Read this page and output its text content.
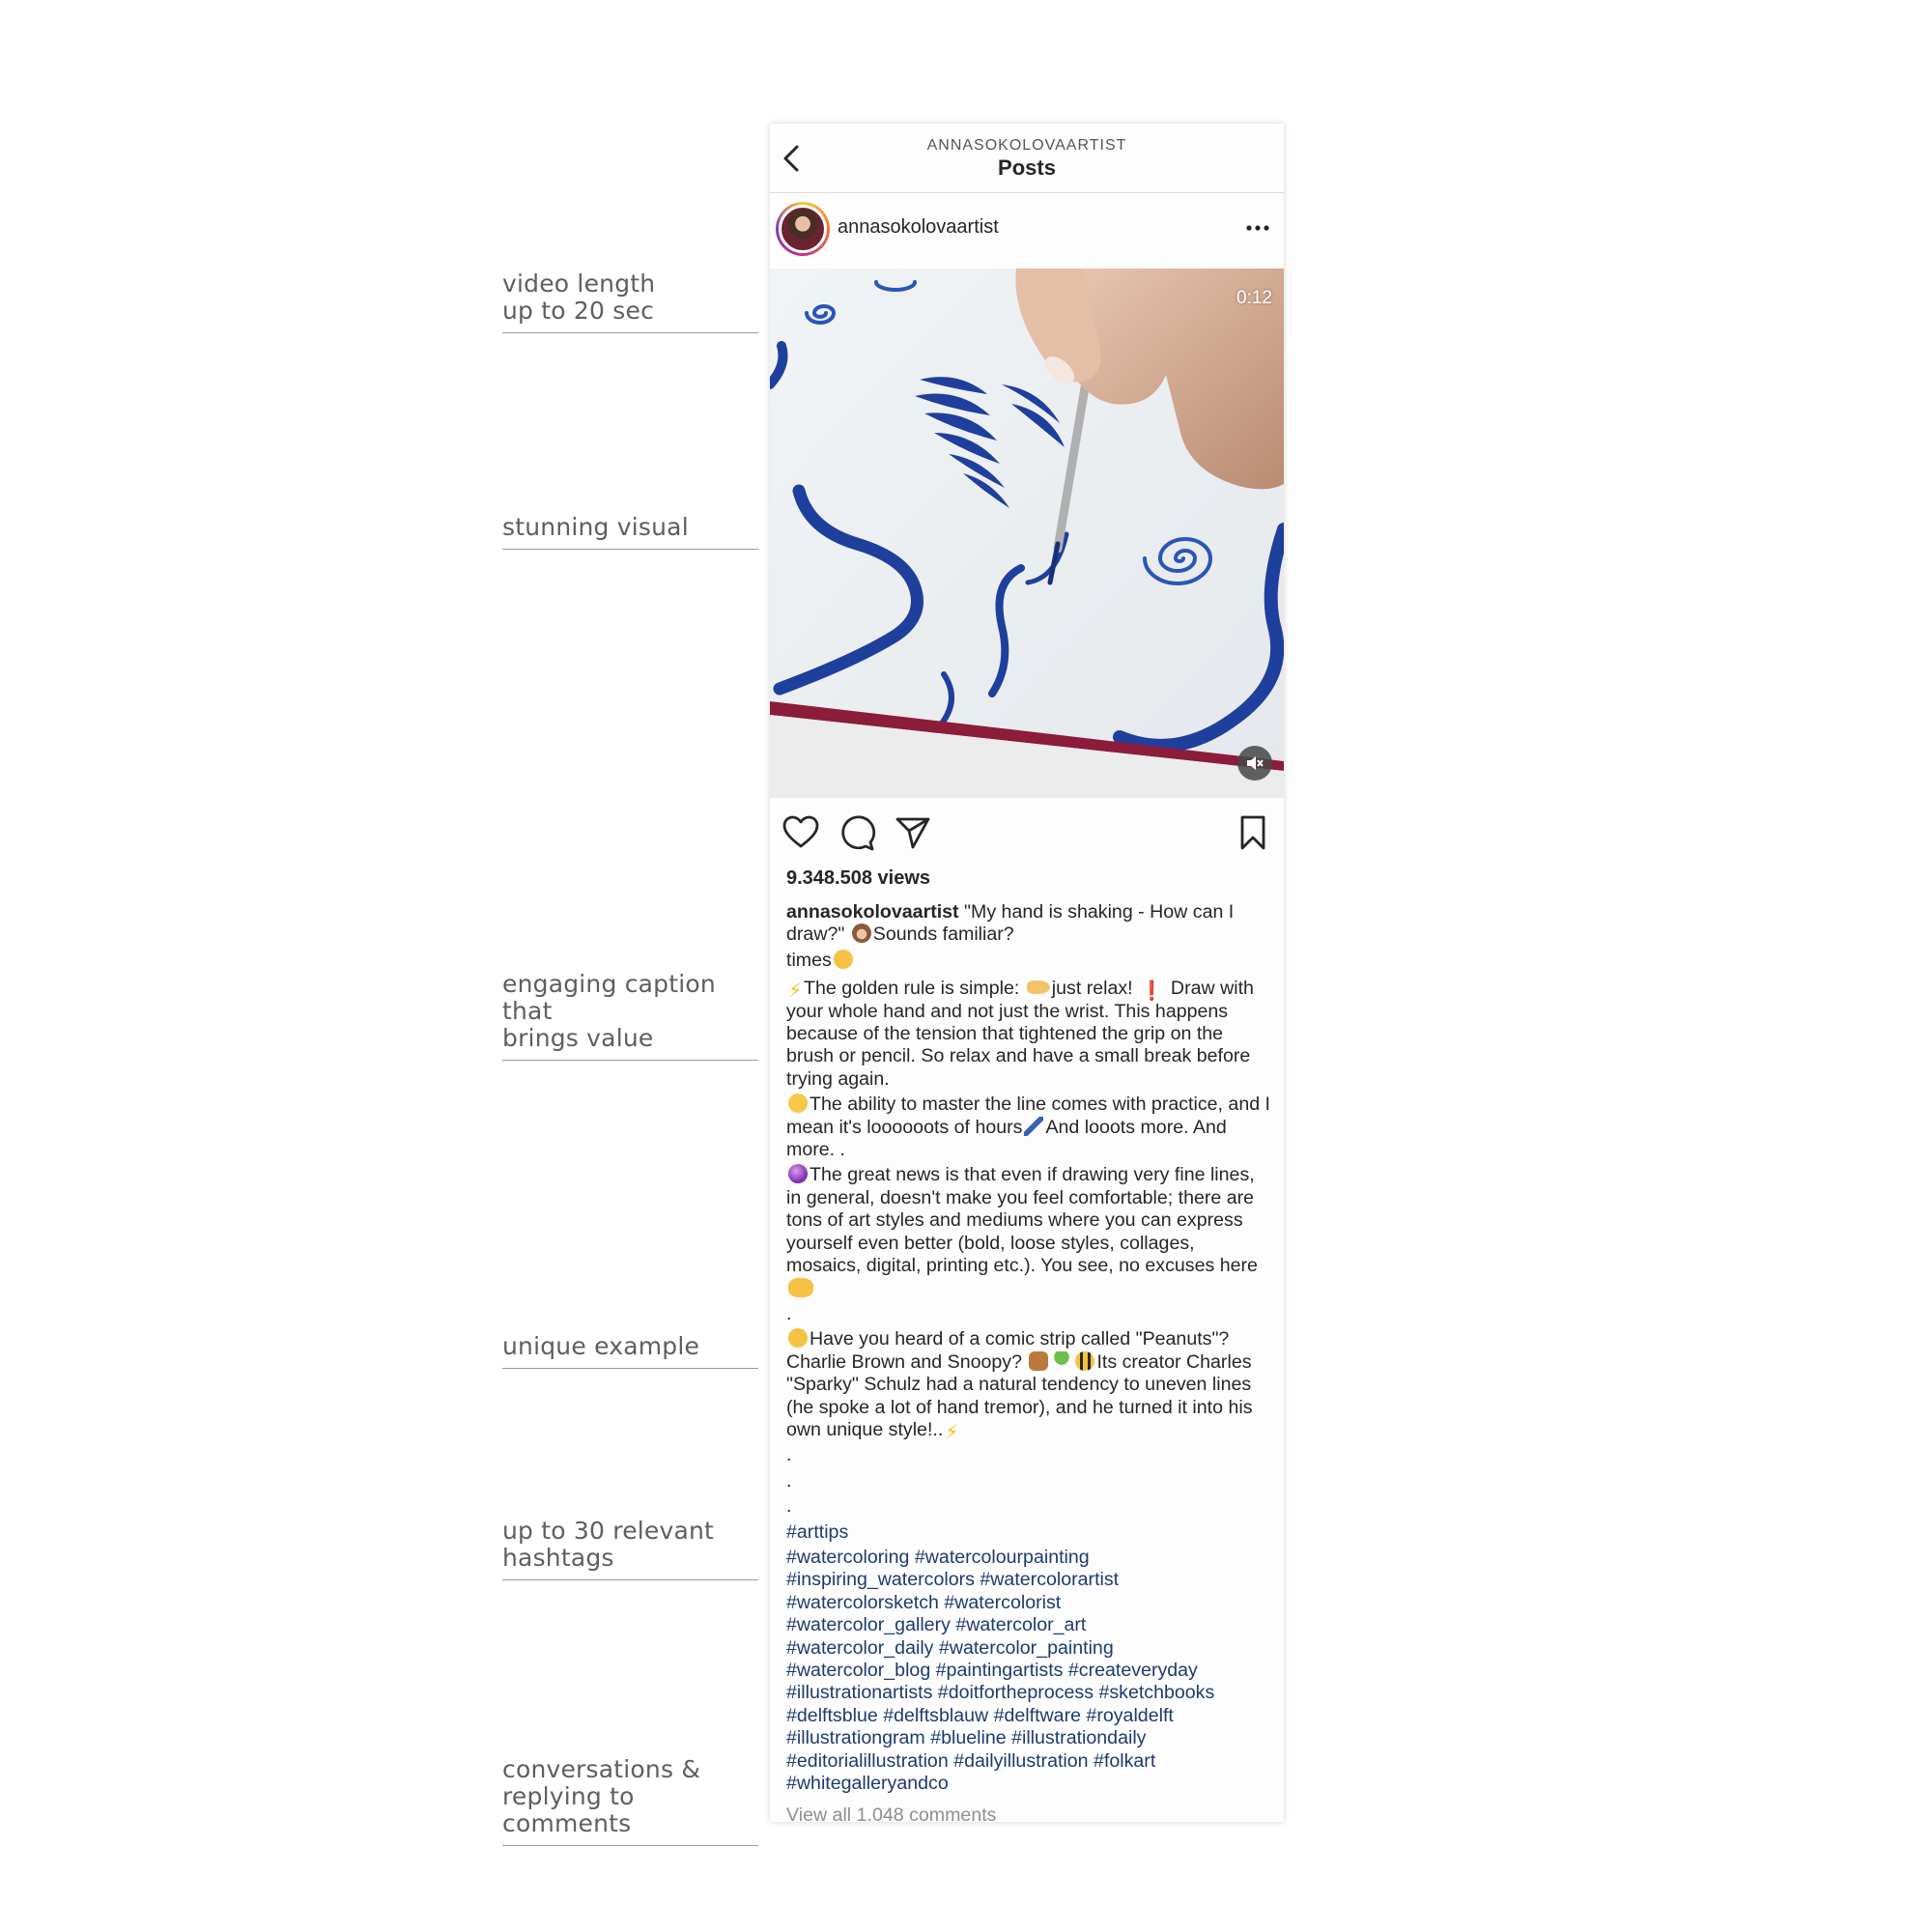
video length
up to 20 sec
stunning visual
engaging caption that
brings value
unique example
up to 30 relevant
hashtags
conversations &
replying to comments
ANNASOKOLOVAARTIST
Posts
annasokolovaartist
0:12
9.348.508 views

annasokolovaartist "My hand is shaking - How can I draw?" Sounds familiar?

times

⚡ The golden rule is simple: just relax! ❗ Draw with your whole hand and not just the wrist. This happens because of the tension that tightened the grip on the brush or pencil. So relax and have a small break before trying again.

The ability to master the line comes with practice, and I mean it's loooooots of hours And looots more. And more. .

The great news is that even if drawing very fine lines, in general, doesn't make you feel comfortable; there are tons of art styles and mediums where you can express yourself even better (bold, loose styles, collages, mosaics, digital, printing etc.). You see, no excuses here

.

Have you heard of a comic strip called "Peanuts"? Charlie Brown and Snoopy?	Its creator Charles "Sparky" Schulz had a natural tendency to uneven lines (he spoke a lot of hand tremor), and he turned it into his own unique style!.. ⚡

.

.

.

#arttips
#watercoloring #watercolourpainting
#inspiring_watercolors #watercolorartist
#watercolorsketch #watercolorist
#watercolor_gallery #watercolor_art
#watercolor_daily #watercolor_painting
#watercolor_blog #paintingartists #createveryday
#illustrationartists #doitfortheprocess #sketchbooks
#delftsblue #delftsblauw #delftware #royaldelft
#illustrationgram #blueline #illustrationdaily
#editorialillustration #dailyillustration #folkart
#whitegalleryandco
View all 1.048 comments
